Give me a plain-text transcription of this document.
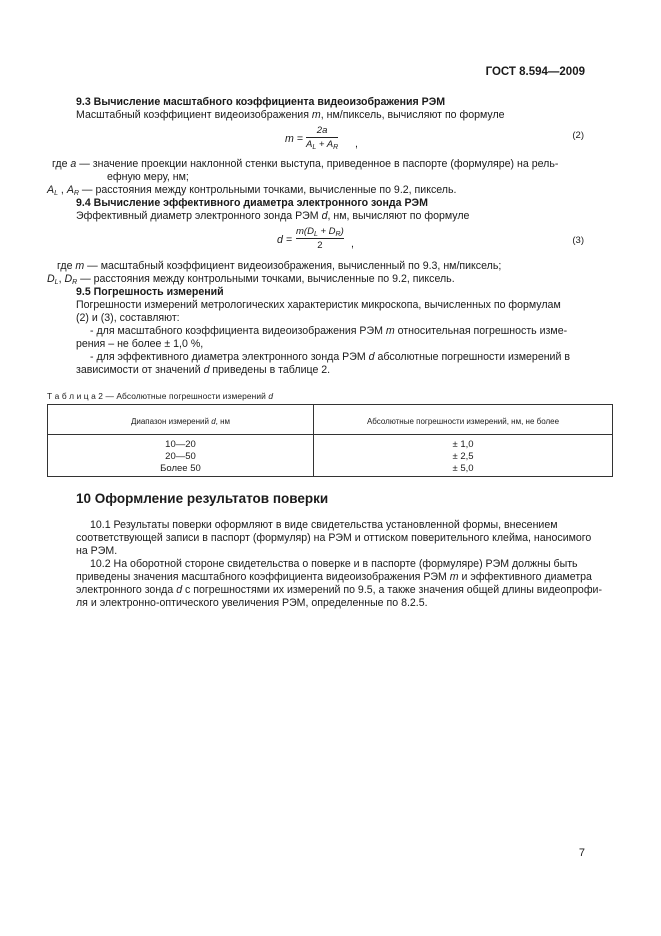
ГОСТ 8.594—2009
9.3 Вычисление масштабного коэффициента видеоизображения РЭМ
Масштабный коэффициент видеоизображения m, нм/пиксель, вычисляют по формуле
m =
2a
$A_L + A_R$ ,
(2)
где a — значение проекции наклонной стенки выступа, приведенное в паспорте (формуляре) на рель-
ефную меру, нм;
$A_L$ , $A_R$ — расстояния между контрольными точками, вычисленные по 9.2, пиксель.
9.4 Вычисление эффективного диаметра электронного зонда РЭМ
Эффективный диаметр электронного зонда РЭМ d, нм, вычисляют по формуле
d =
$m(D_L + D_R)$
2	,	(3)
где m — масштабный коэффициент видеоизображения, вычисленный по 9.3, нм/пиксель;
$D_L$, $D_R$ — расстояния между контрольными точками, вычисленные по 9.2, пиксель.
9.5 Погрешность измерений
Погрешности измерений метрологических характеристик микроскопа, вычисленных по формулам
(2) и (3), составляют:
- для масштабного коэффициента видеоизображения РЭМ m относительная погрешность изме-
рения – не более ± 1,0 %,
- для эффективного диаметра электронного зонда РЭМ d абсолютные погрешности измерений в
зависимости от значений d приведены в таблице 2.
Т а б л и ц а 2 — Абсолютные погрешности измерений d
Диапазон измерений d, нм	Абсолютные погрешности измерений, нм, не более
10—20	± 1,0
20—50	± 2,5
Более 50	± 5,0
10 Оформление результатов поверки
10.1 Результаты поверки оформляют в виде свидетельства установленной формы, внесением
соответствующей записи в паспорт (формуляр) на РЭМ и оттиском поверительного клейма, наносимого
на РЭМ.
10.2 На оборотной стороне свидетельства о поверке и в паспорте (формуляре) РЭМ должны быть
приведены значения масштабного коэффициента видеоизображения РЭМ m и эффективного диаметра
электронного зонда d с погрешностями их измерений по 9.5, а также значения общей длины видеопрофи-
ля и электронно-оптического увеличения РЭМ, определенные по 8.2.5.
7
